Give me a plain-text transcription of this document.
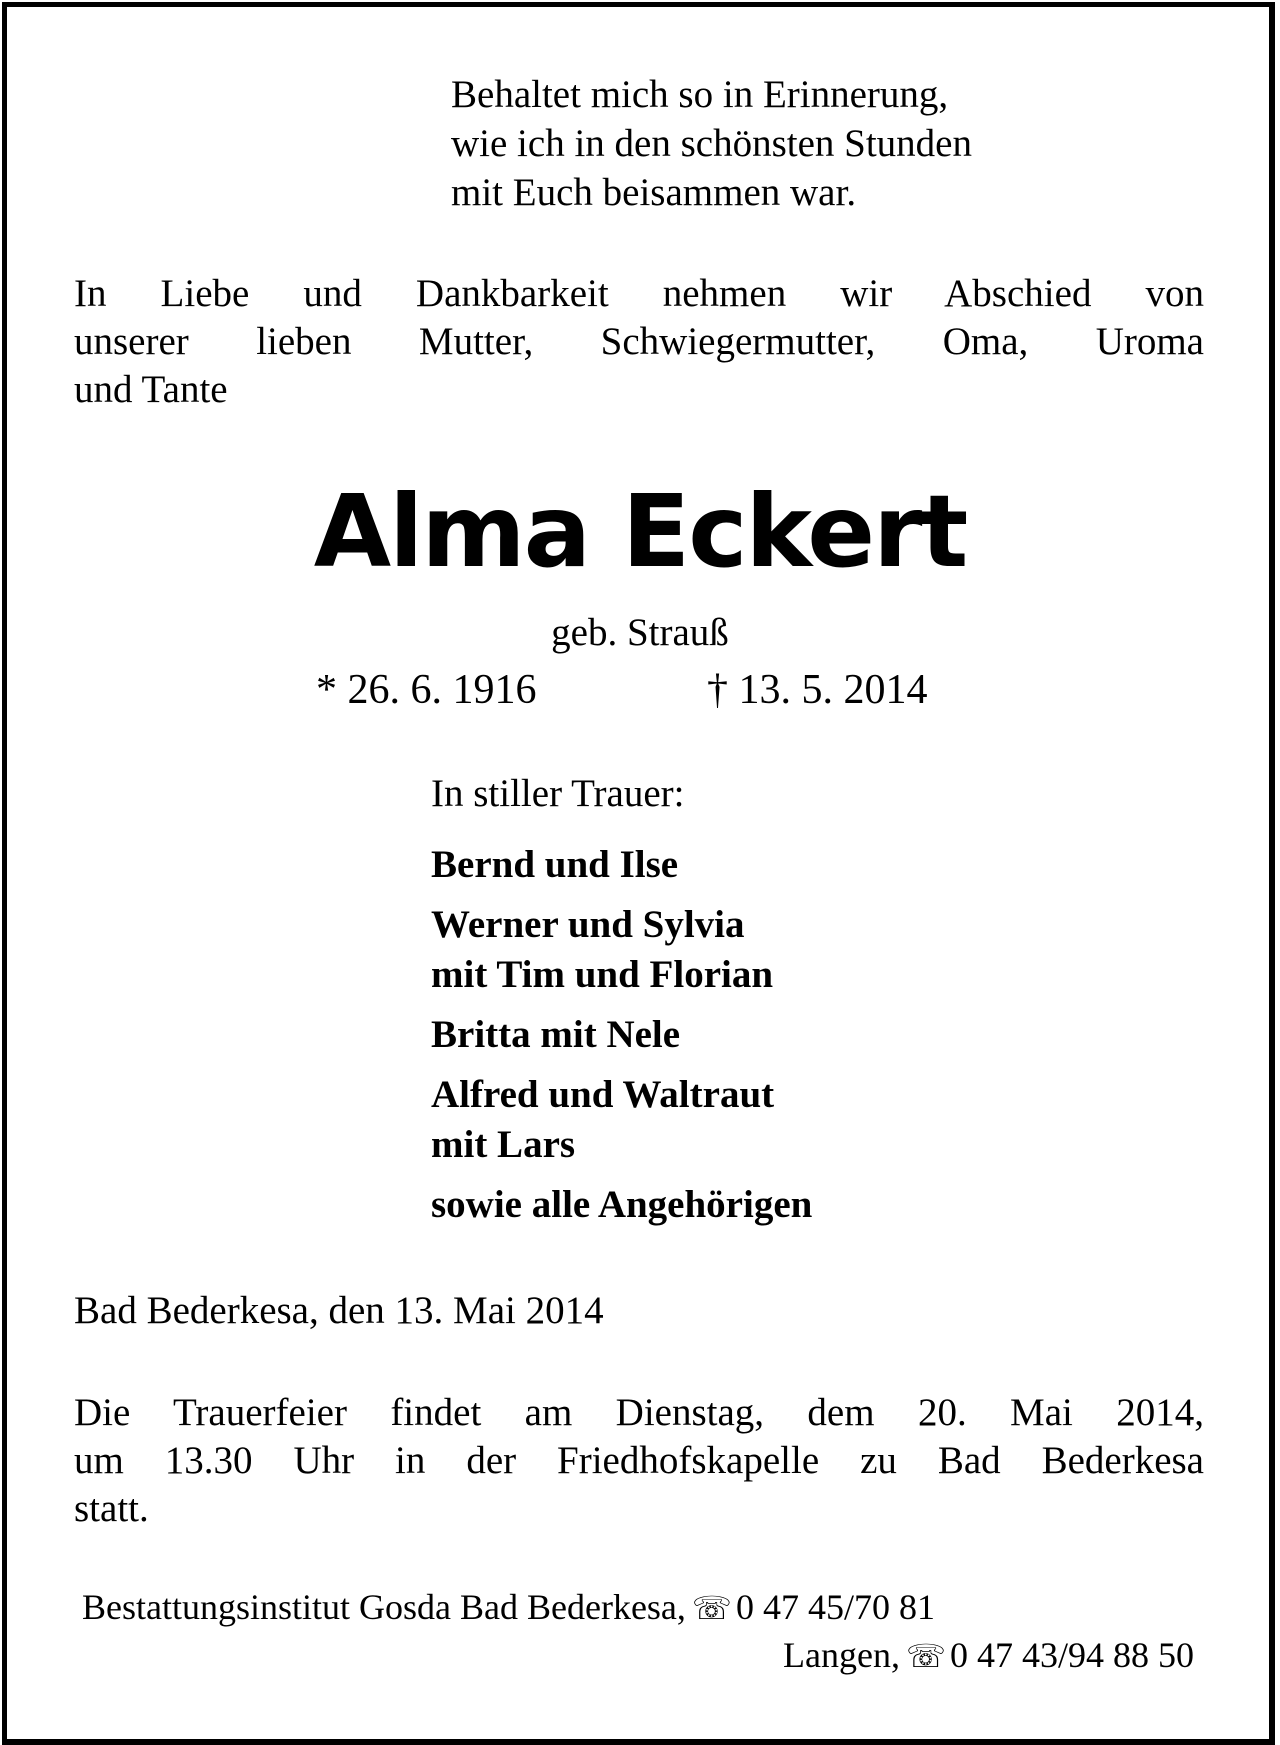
Behaltet mich so in Erinnerung,
wie ich in den schönsten Stunden
mit Euch beisammen war.
In Liebe und Dankbarkeit nehmen wir Abschied von
unserer lieben Mutter, Schwiegermutter, Oma, Uroma
und Tante
Alma Eckert
geb. Strauß
* 26. 6. 1916	† 13. 5. 2014
In stiller Trauer:
Bernd und Ilse
Werner und Sylvia
mit Tim und Florian
Britta mit Nele
Alfred und Waltraut
mit Lars
sowie alle Angehörigen
Bad Bederkesa, den 13. Mai 2014
Die Trauerfeier findet am Dienstag, dem 20. Mai 2014,
um 13.30 Uhr in der Friedhofskapelle zu Bad Bederkesa
statt.
Bestattungsinstitut Gosda Bad Bederkesa, ☏ 0 47 45/70 81
Langen, ☏ 0 47 43/94 88 50
